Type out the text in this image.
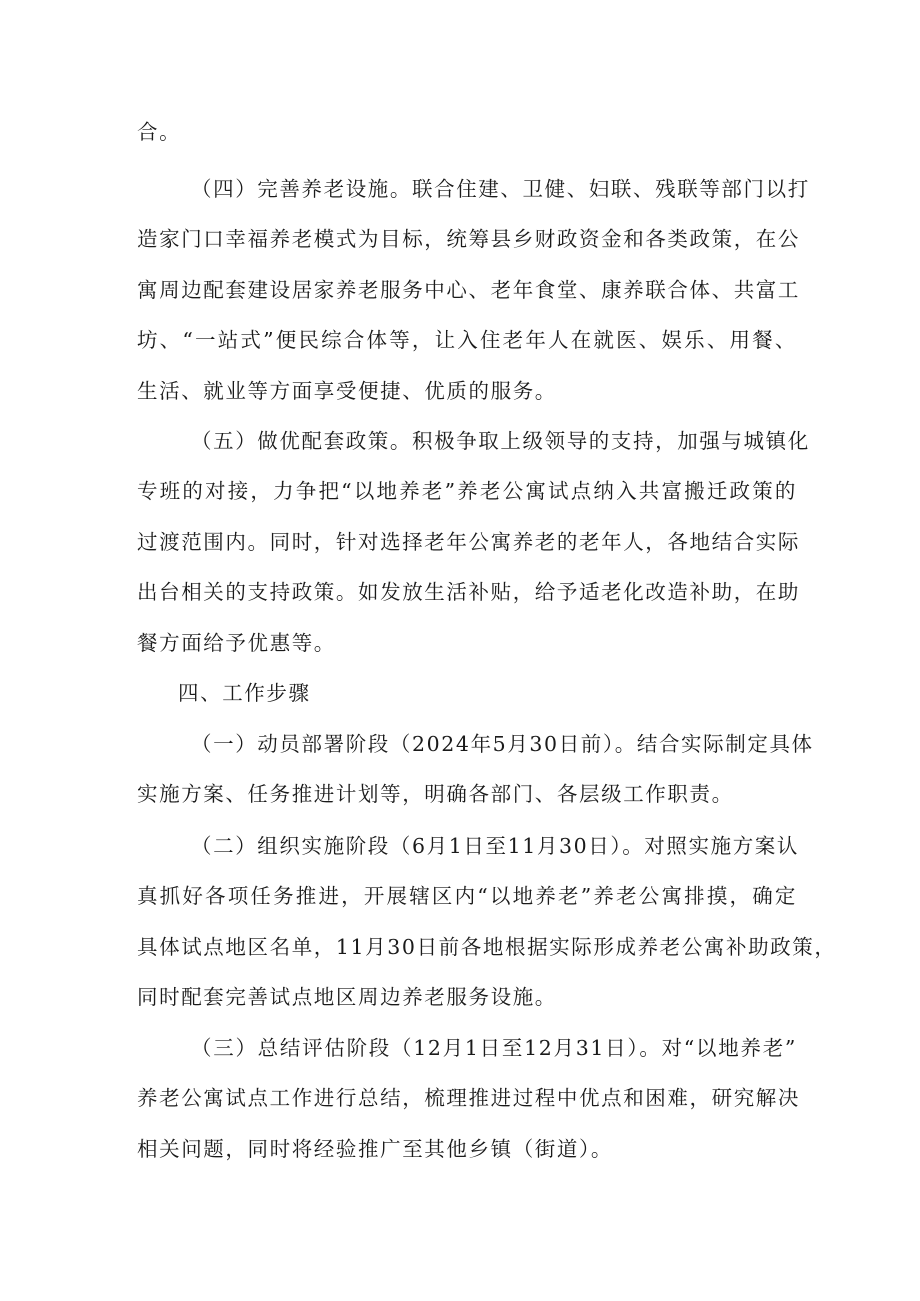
合。
（四）完善养老设施。联合住建、卫健、妇联、残联等部门以打
造家门口幸福养老模式为目标，统筹县乡财政资金和各类政策，在公
寓周边配套建设居家养老服务中心、老年食堂、康养联合体、共富工
坊、“一站式”便民综合体等，让入住老年人在就医、娱乐、用餐、
生活、就业等方面享受便捷、优质的服务。
（五）做优配套政策。积极争取上级领导的支持，加强与城镇化
专班的对接，力争把“以地养老”养老公寓试点纳入共富搬迁政策的
过渡范围内。同时，针对选择老年公寓养老的老年人，各地结合实际
出台相关的支持政策。如发放生活补贴，给予适老化改造补助，在助
餐方面给予优惠等。
四、工作步骤
（一）动员部署阶段（2024年5月30日前）。结合实际制定具体
实施方案、任务推进计划等，明确各部门、各层级工作职责。
（二）组织实施阶段（6月1日至11月30日）。对照实施方案认
真抓好各项任务推进，开展辖区内“以地养老”养老公寓排摸，确定
具体试点地区名单，11月30日前各地根据实际形成养老公寓补助政策，
同时配套完善试点地区周边养老服务设施。
（三）总结评估阶段（12月1日至12月31日）。对“以地养老”
养老公寓试点工作进行总结，梳理推进过程中优点和困难，研究解决
相关问题，同时将经验推广至其他乡镇（街道）。
